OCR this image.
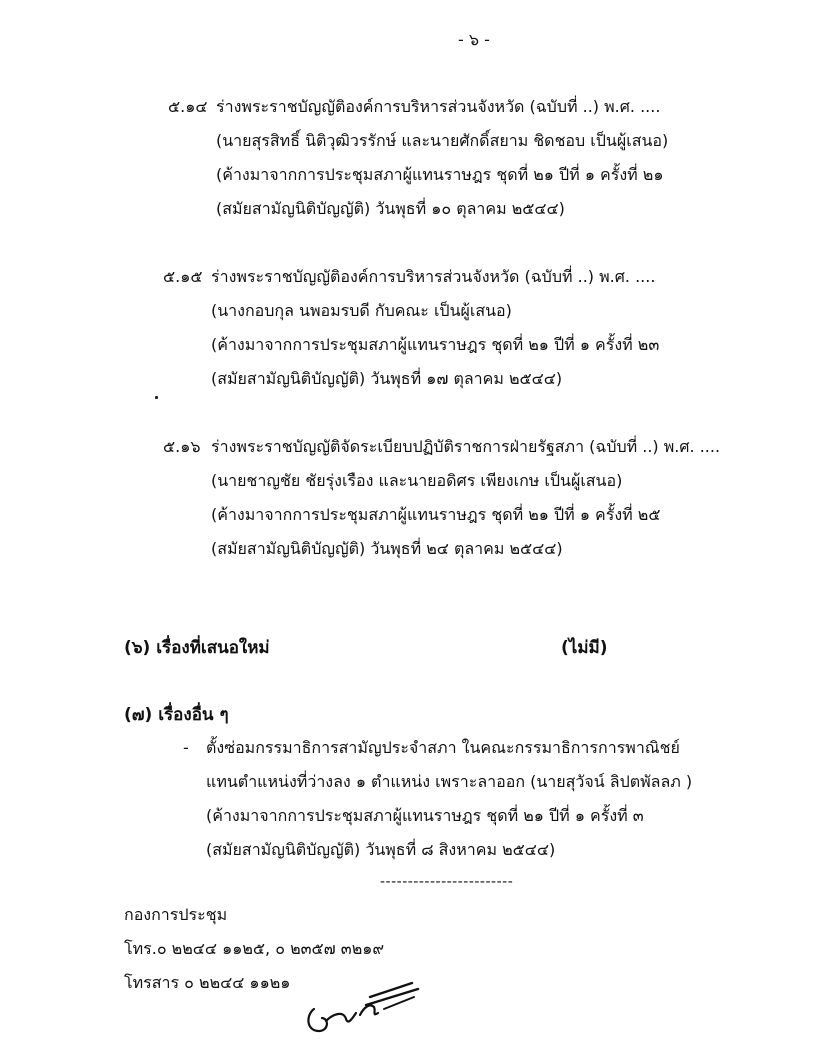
- ๖ -
๕.๑๔ ร่างพระราชบัญญัติองค์การบริหารส่วนจังหวัด (ฉบับที่ ..) พ.ศ. ....
(นายสุรสิทธิ์ นิติวุฒิวรรักษ์ และนายศักดิ์สยาม ชิดชอบ เป็นผู้เสนอ)
(ค้างมาจากการประชุมสภาผู้แทนราษฎร ชุดที่ ๒๑ ปีที่ ๑ ครั้งที่ ๒๑
(สมัยสามัญนิติบัญญัติ) วันพุธที่ ๑๐ ตุลาคม ๒๕๔๔)
๕.๑๕ ร่างพระราชบัญญัติองค์การบริหารส่วนจังหวัด (ฉบับที่ ..) พ.ศ. ....
(นางกอบกุล นพอมรบดี กับคณะ เป็นผู้เสนอ)
(ค้างมาจากการประชุมสภาผู้แทนราษฎร ชุดที่ ๒๑ ปีที่ ๑ ครั้งที่ ๒๓
(สมัยสามัญนิติบัญญัติ) วันพุธที่ ๑๗ ตุลาคม ๒๕๔๔)
๕.๑๖ ร่างพระราชบัญญัติจัดระเบียบปฏิบัติราชการฝ่ายรัฐสภา (ฉบับที่ ..) พ.ศ. ....
(นายชาญชัย ชัยรุ่งเรือง และนายอดิศร เพียงเกษ เป็นผู้เสนอ)
(ค้างมาจากการประชุมสภาผู้แทนราษฎร ชุดที่ ๒๑ ปีที่ ๑ ครั้งที่ ๒๕
(สมัยสามัญนิติบัญญัติ) วันพุธที่ ๒๔ ตุลาคม ๒๕๔๔)
(๖) เรื่องที่เสนอใหม่	(ไม่มี)
(๗) เรื่องอื่น ๆ
- ตั้งซ่อมกรรมาธิการสามัญประจำสภา ในคณะกรรมาธิการการพาณิชย์
แทนตำแหน่งที่ว่างลง ๑ ตำแหน่ง เพราะลาออก (นายสุวัจน์ ลิปตพัลลภ )
(ค้างมาจากการประชุมสภาผู้แทนราษฎร ชุดที่ ๒๑ ปีที่ ๑ ครั้งที่ ๓
(สมัยสามัญนิติบัญญัติ) วันพุธที่ ๘ สิงหาคม ๒๕๔๔)
------------------------
กองการประชุม
โทร.๐ ๒๒๔๔ ๑๑๒๕, ๐ ๒๓๕๗ ๓๒๑๙
โทรสาร ๐ ๒๒๔๔ ๑๑๒๑
